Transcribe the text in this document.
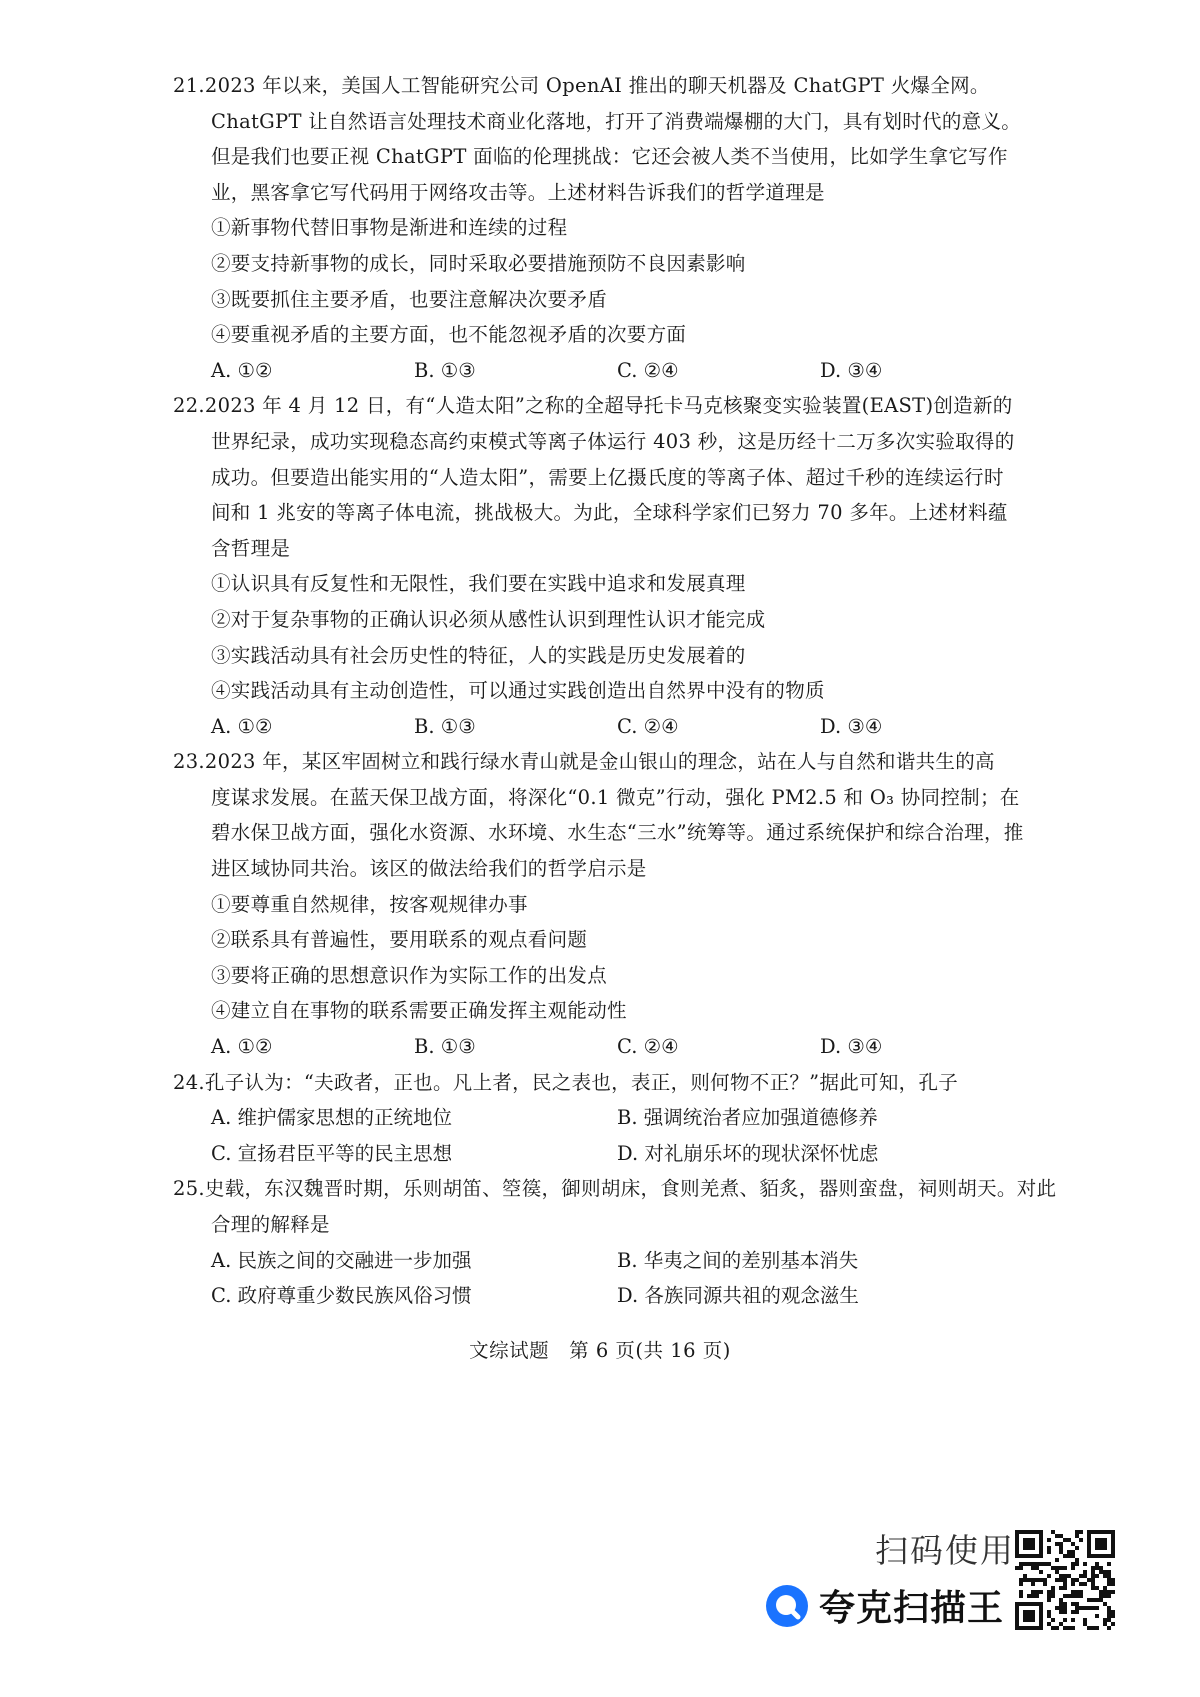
21.2023 年以来，美国人工智能研究公司 OpenAI 推出的聊天机器及 ChatGPT 火爆全网。
ChatGPT 让自然语言处理技术商业化落地，打开了消费端爆棚的大门，具有划时代的意义。
但是我们也要正视 ChatGPT 面临的伦理挑战：它还会被人类不当使用，比如学生拿它写作
业，黑客拿它写代码用于网络攻击等。上述材料告诉我们的哲学道理是
①新事物代替旧事物是渐进和连续的过程
②要支持新事物的成长，同时采取必要措施预防不良因素影响
③既要抓住主要矛盾，也要注意解决次要矛盾
④要重视矛盾的主要方面，也不能忽视矛盾的次要方面
A. ①②	B. ①③	C. ②④	D. ③④
22.2023 年 4 月 12 日，有“人造太阳”之称的全超导托卡马克核聚变实验装置(EAST)创造新的
世界纪录，成功实现稳态高约束模式等离子体运行 403 秒，这是历经十二万多次实验取得的
成功。但要造出能实用的“人造太阳”，需要上亿摄氏度的等离子体、超过千秒的连续运行时
间和 1 兆安的等离子体电流，挑战极大。为此，全球科学家们已努力 70 多年。上述材料蕴
含哲理是
①认识具有反复性和无限性，我们要在实践中追求和发展真理
②对于复杂事物的正确认识必须从感性认识到理性认识才能完成
③实践活动具有社会历史性的特征，人的实践是历史发展着的
④实践活动具有主动创造性，可以通过实践创造出自然界中没有的物质
A. ①②	B. ①③	C. ②④	D. ③④
23.2023 年，某区牢固树立和践行绿水青山就是金山银山的理念，站在人与自然和谐共生的高
度谋求发展。在蓝天保卫战方面，将深化“0.1 微克”行动，强化 PM2.5 和 O₃ 协同控制；在
碧水保卫战方面，强化水资源、水环境、水生态“三水”统筹等。通过系统保护和综合治理，推
进区域协同共治。该区的做法给我们的哲学启示是
①要尊重自然规律，按客观规律办事
②联系具有普遍性，要用联系的观点看问题
③要将正确的思想意识作为实际工作的出发点
④建立自在事物的联系需要正确发挥主观能动性
A. ①②	B. ①③	C. ②④	D. ③④
24.孔子认为：“夫政者，正也。凡上者，民之表也，表正，则何物不正？”据此可知，孔子
A. 维护儒家思想的正统地位	B. 强调统治者应加强道德修养
C. 宣扬君臣平等的民主思想	D. 对礼崩乐坏的现状深怀忧虑
25.史载，东汉魏晋时期，乐则胡笛、箜篌，御则胡床，食则羌煮、貊炙，器则蛮盘，祠则胡天。对此
合理的解释是
A. 民族之间的交融进一步加强	B. 华夷之间的差别基本消失
C. 政府尊重少数民族风俗习惯	D. 各族同源共祖的观念滋生
文综试题　第 6 页(共 16 页)
扫码使用
夸克扫描王
